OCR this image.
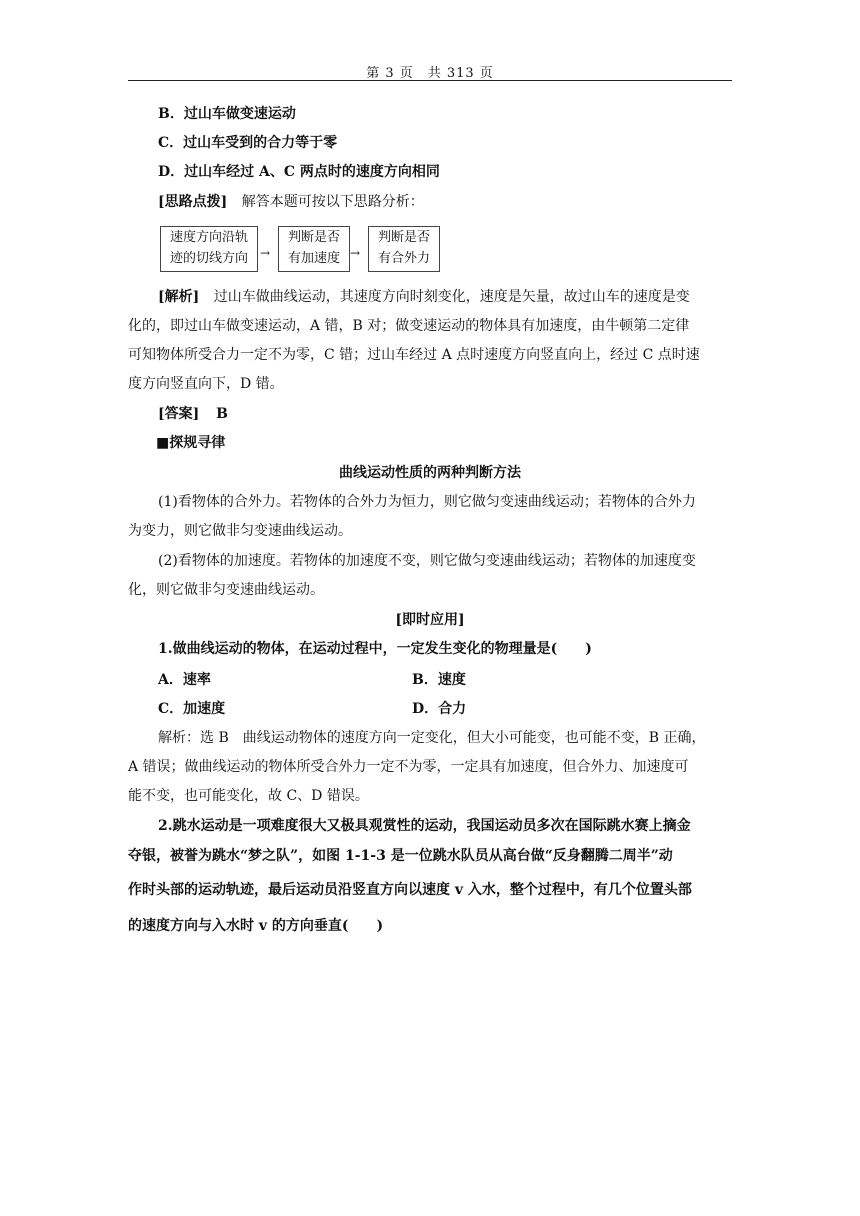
第 3 页　共 313 页
B．过山车做变速运动
C．过山车受到的合力等于零
D．过山车经过 A、C 两点时的速度方向相同
[思路点拨] 解答本题可按以下思路分析：
速度方向沿轨
迹的切线方向	→
判断是否
有加速度 →
判断是否
有合外力
[解析] 过山车做曲线运动，其速度方向时刻变化，速度是矢量，故过山车的速度是变
化的，即过山车做变速运动，A 错，B 对；做变速运动的物体具有加速度，由牛顿第二定律
可知物体所受合力一定不为零，C 错；过山车经过 A 点时速度方向竖直向上，经过 C 点时速
度方向竖直向下，D 错。
[答案] B
■探规寻律
曲线运动性质的两种判断方法
(1)看物体的合外力。若物体的合外力为恒力，则它做匀变速曲线运动；若物体的合外力
为变力，则它做非匀变速曲线运动。
(2)看物体的加速度。若物体的加速度不变，则它做匀变速曲线运动；若物体的加速度变
化，则它做非匀变速曲线运动。
[即时应用]
1.做曲线运动的物体，在运动过程中，一定发生变化的物理量是(　　)
A．速率	B．速度
C．加速度	D．合力
解析：选 B　曲线运动物体的速度方向一定变化，但大小可能变，也可能不变，B 正确，
A 错误；做曲线运动的物体所受合外力一定不为零，一定具有加速度，但合外力、加速度可
能不变，也可能变化，故 C、D 错误。
2.跳水运动是一项难度很大又极具观赏性的运动，我国运动员多次在国际跳水赛上摘金
夺银，被誉为跳水“梦之队”，如图 1-1-3 是一位跳水队员从高台做“反身翻腾二周半”动
作时头部的运动轨迹，最后运动员沿竖直方向以速度 v 入水，整个过程中，有几个位置头部
的速度方向与入水时 v 的方向垂直(　　)
